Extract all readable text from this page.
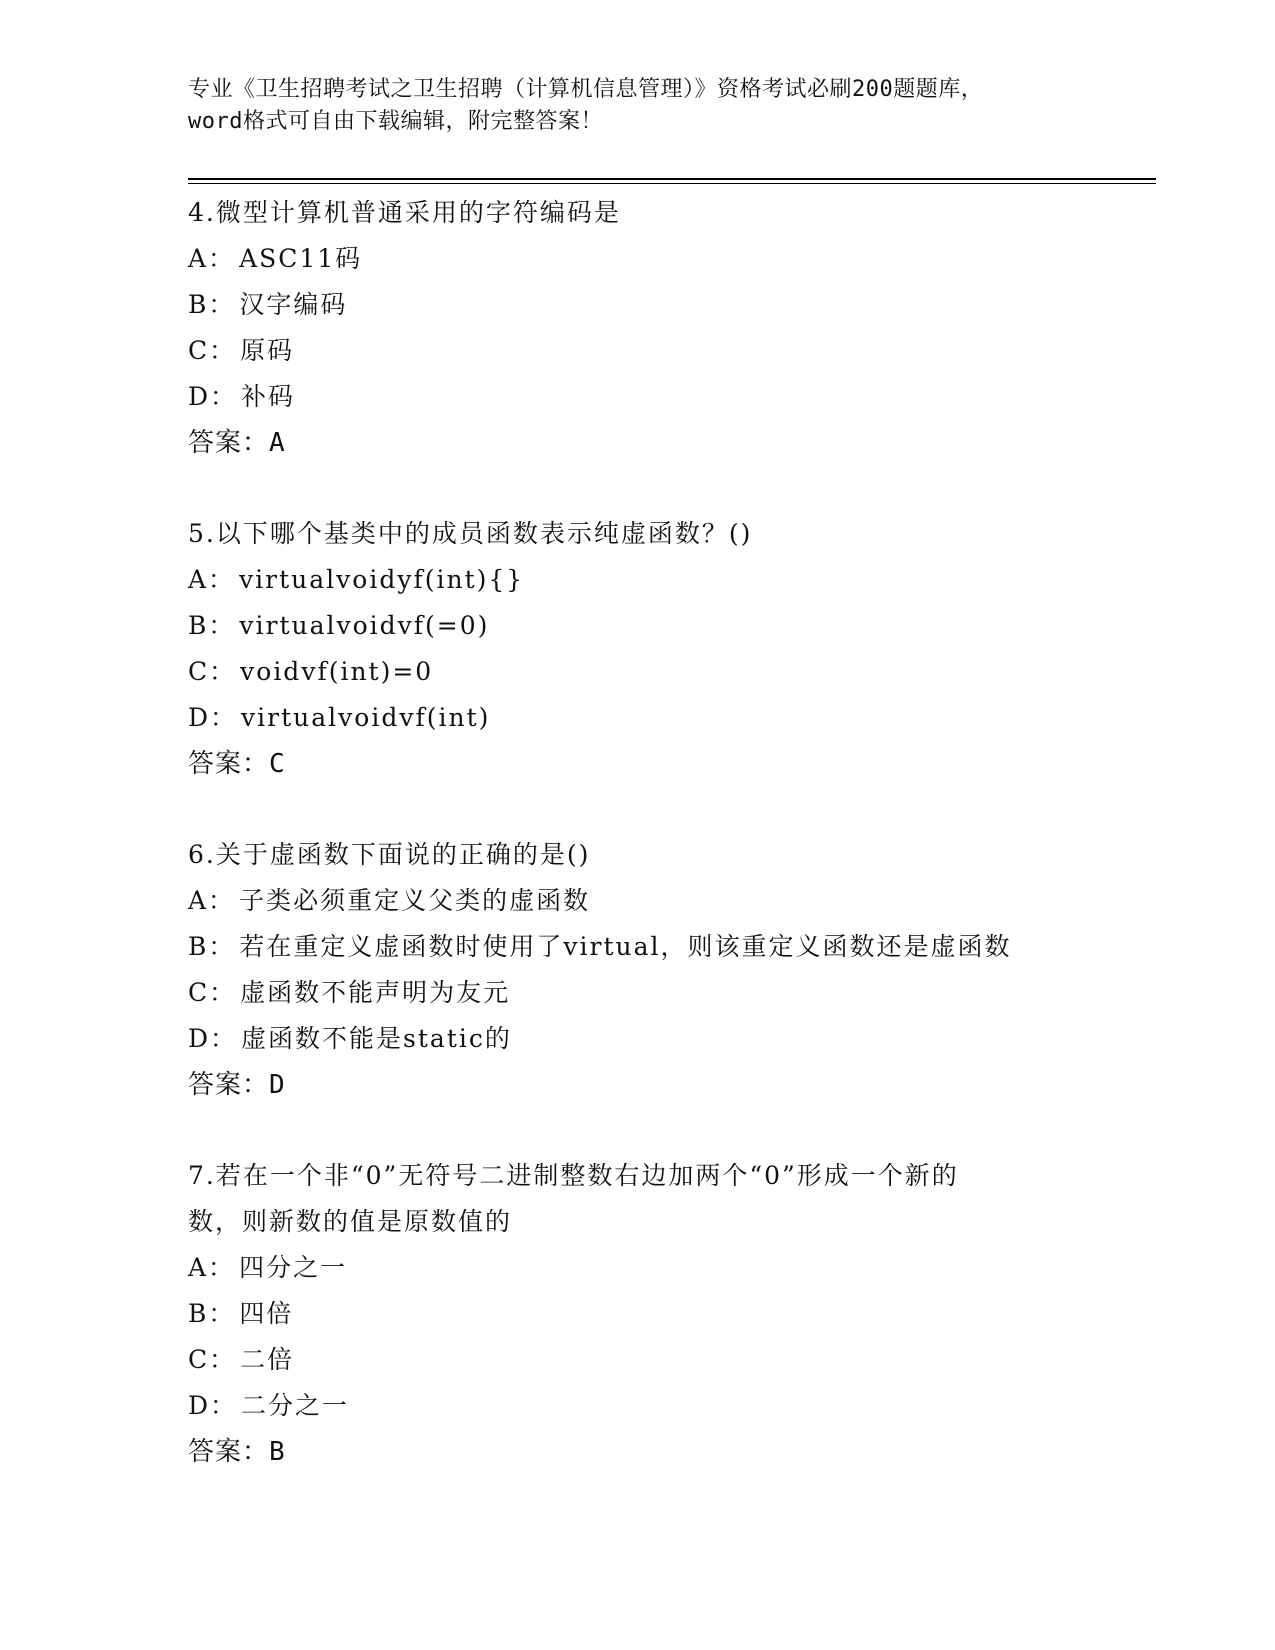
专业《卫生招聘考试之卫生招聘（计算机信息管理）》资格考试必刷200题题库，
word格式可自由下载编辑，附完整答案！
4.微型计算机普通采用的字符编码是
A： ASC11码
B： 汉字编码
C： 原码
D： 补码
答案：A
5.以下哪个基类中的成员函数表示纯虚函数？()
A： virtualvoidyf(int){}
B： virtualvoidvf(=0)
C： voidvf(int)=0
D： virtualvoidvf(int)
答案：C
6.关于虚函数下面说的正确的是()
A： 子类必须重定义父类的虚函数
B： 若在重定义虚函数时使用了virtual，则该重定义函数还是虚函数
C： 虚函数不能声明为友元
D： 虚函数不能是static的
答案：D
7.若在一个非“0”无符号二进制整数右边加两个“0”形成一个新的
数，则新数的值是原数值的
A： 四分之一
B： 四倍
C： 二倍
D： 二分之一
答案：B
